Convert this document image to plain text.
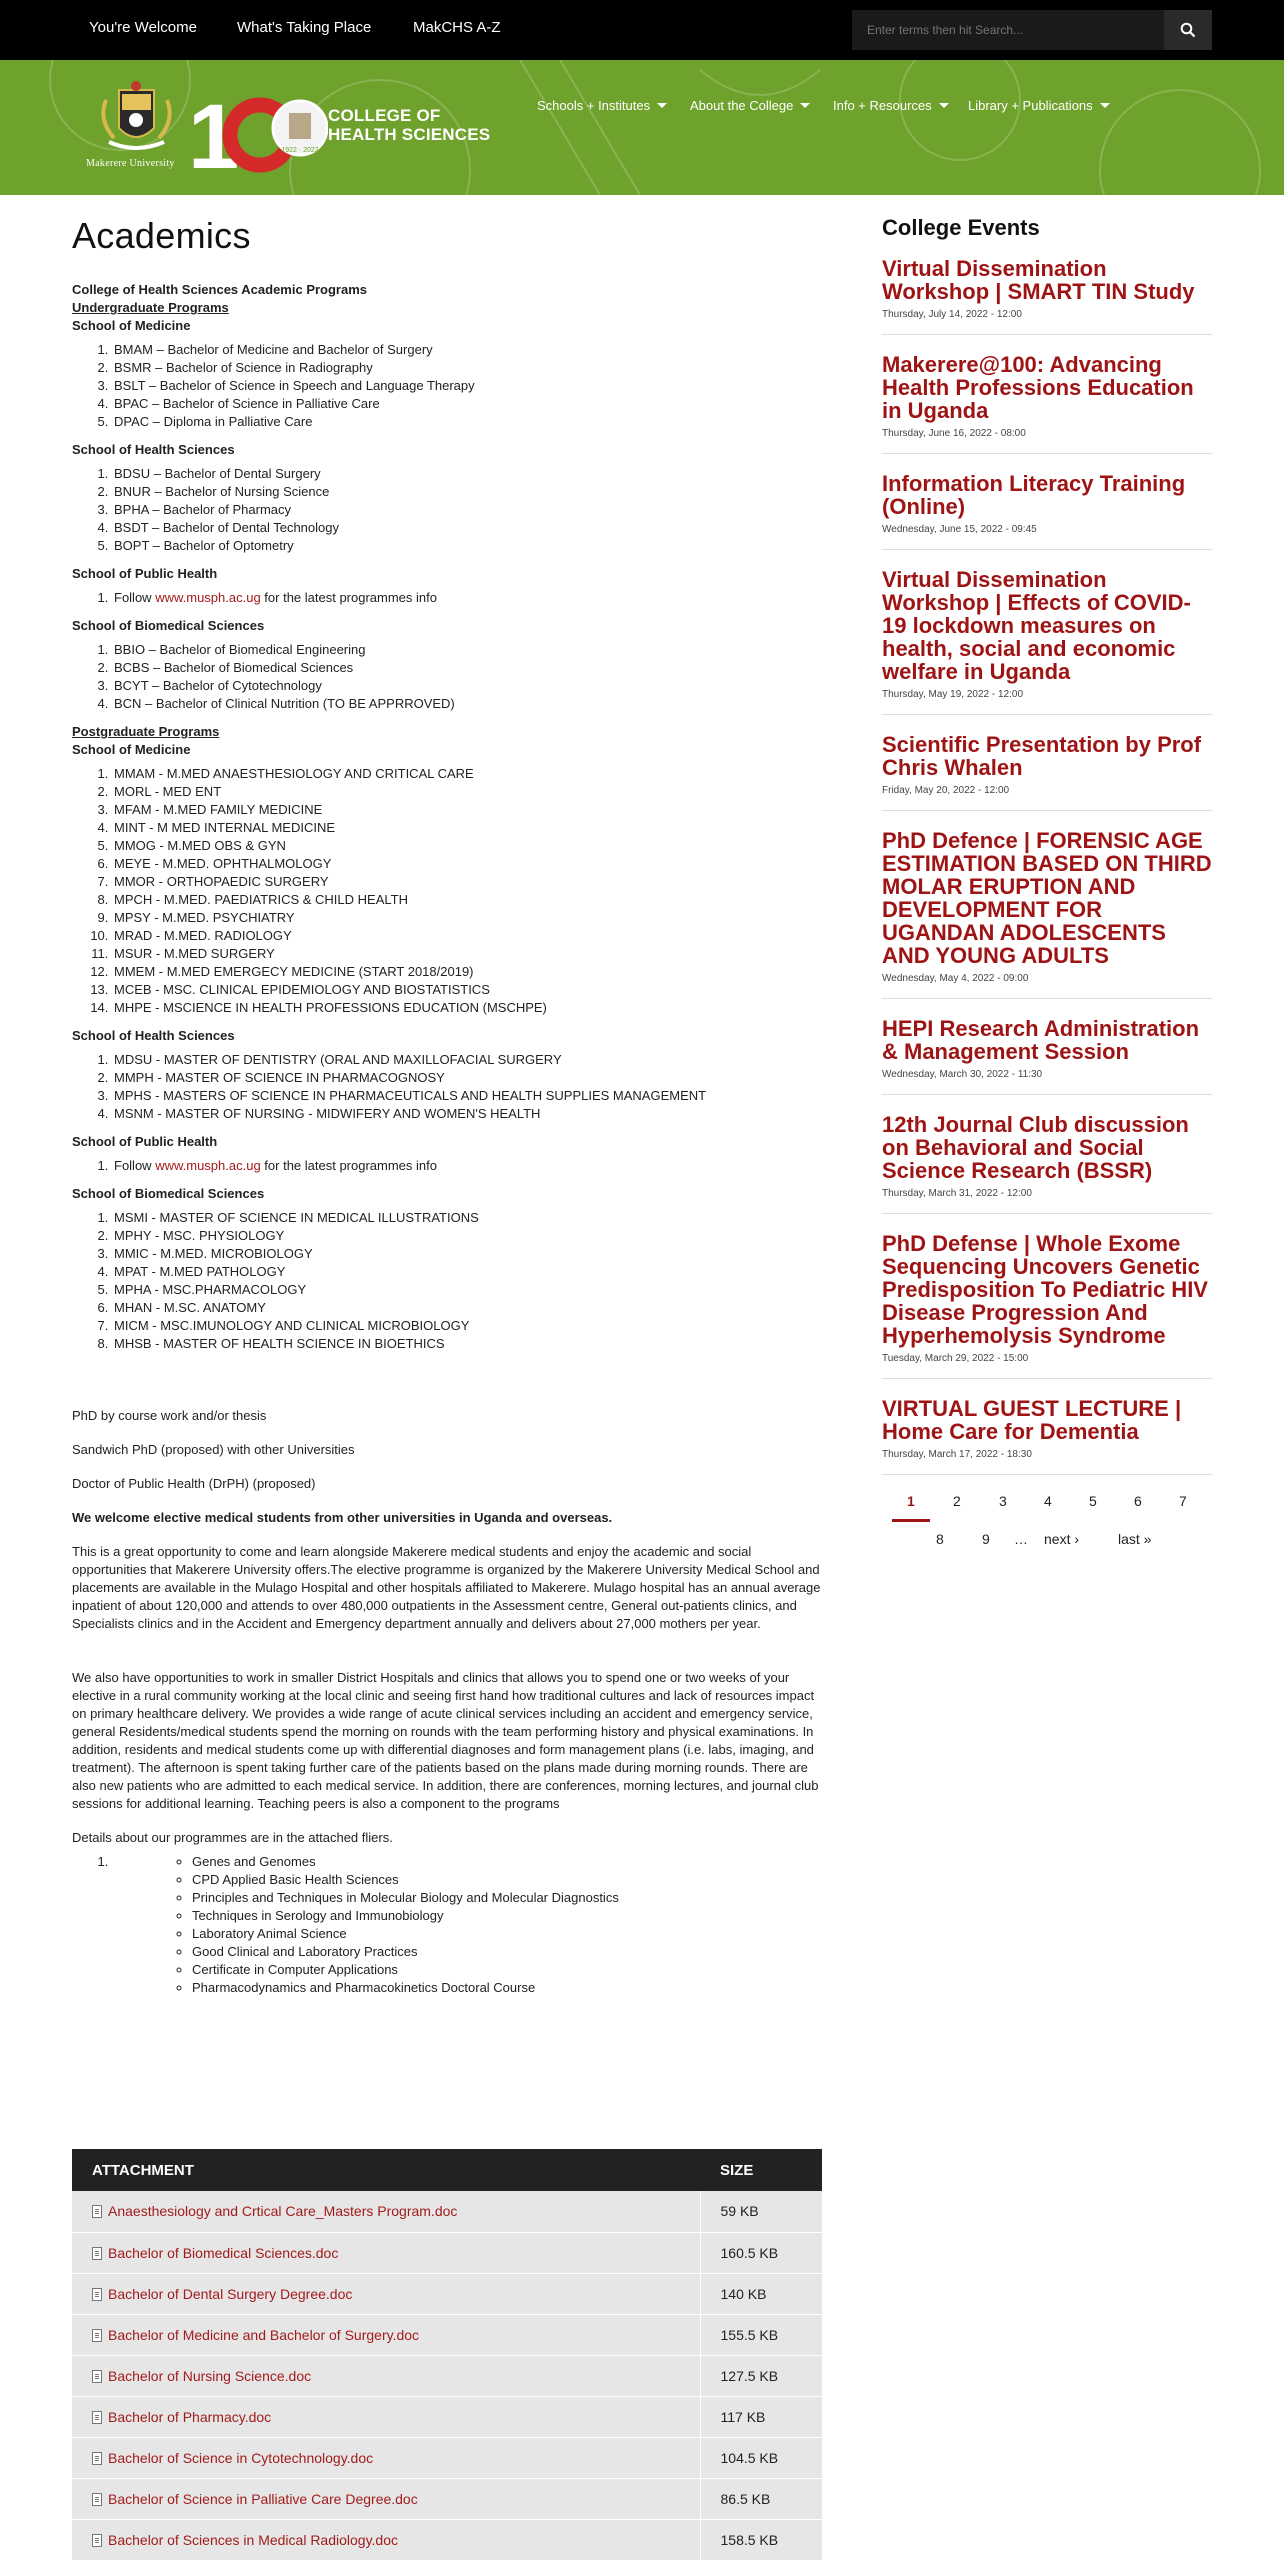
You're Welcome	What's Taking Place	MakCHS A-Z
Enter terms then hit Search...
Makerere University 1	1922 · 2022
COLLEGE OF
HEALTH SCIENCES
Schools + Institutes	About the College	Info + Resources	Library + Publications
Academics
College of Health Sciences Academic Programs
Undergraduate Programs
School of Medicine
1. BMAM – Bachelor of Medicine and Bachelor of Surgery
2. BSMR – Bachelor of Science in Radiography
3. BSLT – Bachelor of Science in Speech and Language Therapy
4. BPAC – Bachelor of Science in Palliative Care
5. DPAC – Diploma in Palliative Care
School of Health Sciences
1. BDSU – Bachelor of Dental Surgery
2. BNUR – Bachelor of Nursing Science
3. BPHA – Bachelor of Pharmacy
4. BSDT – Bachelor of Dental Technology
5. BOPT – Bachelor of Optometry
School of Public Health
1. Follow www.musph.ac.ug for the latest programmes info
School of Biomedical Sciences
1. BBIO – Bachelor of Biomedical Engineering
2. BCBS – Bachelor of Biomedical Sciences
3. BCYT – Bachelor of Cytotechnology
4. BCN – Bachelor of Clinical Nutrition (TO BE APPRROVED)
Postgraduate Programs
School of Medicine
1. MMAM - M.MED ANAESTHESIOLOGY AND CRITICAL CARE
2. MORL - MED ENT
3. MFAM - M.MED FAMILY MEDICINE
4. MINT - M MED INTERNAL MEDICINE
5. MMOG - M.MED OBS & GYN
6. MEYE - M.MED. OPHTHALMOLOGY
7. MMOR - ORTHOPAEDIC SURGERY
8. MPCH - M.MED. PAEDIATRICS & CHILD HEALTH
9. MPSY - M.MED. PSYCHIATRY
10. MRAD - M.MED. RADIOLOGY
11. MSUR - M.MED SURGERY
12. MMEM - M.MED EMERGECY MEDICINE (START 2018/2019)
13. MCEB - MSC. CLINICAL EPIDEMIOLOGY AND BIOSTATISTICS
14. MHPE - MSCIENCE IN HEALTH PROFESSIONS EDUCATION (MSCHPE)
School of Health Sciences
1. MDSU - MASTER OF DENTISTRY (ORAL AND MAXILLOFACIAL SURGERY
2. MMPH - MASTER OF SCIENCE IN PHARMACOGNOSY
3. MPHS - MASTERS OF SCIENCE IN PHARMACEUTICALS AND HEALTH SUPPLIES MANAGEMENT
4. MSNM - MASTER OF NURSING - MIDWIFERY AND WOMEN'S HEALTH
School of Public Health
1. Follow www.musph.ac.ug for the latest programmes info
School of Biomedical Sciences
1. MSMI - MASTER OF SCIENCE IN MEDICAL ILLUSTRATIONS
2. MPHY - MSC. PHYSIOLOGY
3. MMIC - M.MED. MICROBIOLOGY
4. MPAT - M.MED PATHOLOGY
5. MPHA - MSC.PHARMACOLOGY
6. MHAN - M.SC. ANATOMY
7. MICM - MSC.IMUNOLOGY AND CLINICAL MICROBIOLOGY
8. MHSB - MASTER OF HEALTH SCIENCE IN BIOETHICS

PhD by course work and/or thesis

Sandwich PhD (proposed) with other Universities

Doctor of Public Health (DrPH) (proposed)

We welcome elective medical students from other universities in Uganda and overseas.

This is a great opportunity to come and learn alongside Makerere medical students and enjoy the academic and social opportunities that Makerere University offers.The elective programme is organized by the Makerere University Medical School and placements are available in the Mulago Hospital and other hospitals affiliated to Makerere. Mulago hospital has an annual average inpatient of about 120,000 and attends to over 480,000 outpatients in the Assessment centre, General out-patients clinics, and Specialists clinics and in the Accident and Emergency department annually and delivers about 27,000 mothers per year.

We also have opportunities to work in smaller District Hospitals and clinics that allows you to spend one or two weeks of your elective in a rural community working at the local clinic and seeing first hand how traditional cultures and lack of resources impact on primary healthcare delivery. We provides a wide range of acute clinical services including an accident and emergency service, general Residents/medical students spend the morning on rounds with the team performing history and physical examinations. In addition, residents and medical students come up with differential diagnoses and form management plans (i.e. labs, imaging, and treatment). The afternoon is spent taking further care of the patients based on the plans made during morning rounds. There are also new patients who are admitted to each medical service. In addition, there are conferences, morning lectures, and journal club sessions for additional learning. Teaching peers is also a component to the programs

Details about our programmes are in the attached fliers.

◦ 1. Genes and Genomes
◦ CPD Applied Basic Health Sciences
◦ Principles and Techniques in Molecular Biology and Molecular Diagnostics
◦ Techniques in Serology and Immunobiology
◦ Laboratory Animal Science
◦ Good Clinical and Laboratory Practices
◦ Certificate in Computer Applications
◦ Pharmacodynamics and Pharmacokinetics Doctoral Course
ATTACHMENT	SIZE
Anaesthesiology and Crtical Care_Masters Program.doc	59 KB
Bachelor of Biomedical Sciences.doc	160.5 KB
Bachelor of Dental Surgery Degree.doc	140 KB
Bachelor of Medicine and Bachelor of Surgery.doc	155.5 KB
Bachelor of Nursing Science.doc	127.5 KB
Bachelor of Pharmacy.doc	117 KB
Bachelor of Science in Cytotechnology.doc	104.5 KB
Bachelor of Science in Palliative Care Degree.doc	86.5 KB
Bachelor of Sciences in Medical Radiology.doc	158.5 KB
College Events
Virtual Dissemination Workshop | SMART TIN Study
Thursday, July 14, 2022 - 12:00
Makerere@100: Advancing Health Professions Education in Uganda
Thursday, June 16, 2022 - 08:00
Information Literacy Training (Online)
Wednesday, June 15, 2022 - 09:45
Virtual Dissemination Workshop | Effects of COVID-19 lockdown measures on health, social and economic welfare in Uganda
Thursday, May 19, 2022 - 12:00
Scientific Presentation by Prof Chris Whalen
Friday, May 20, 2022 - 12:00
PhD Defence | FORENSIC AGE ESTIMATION BASED ON THIRD MOLAR ERUPTION AND DEVELOPMENT FOR UGANDAN ADOLESCENTS AND YOUNG ADULTS
Wednesday, May 4, 2022 - 09:00
HEPI Research Administration & Management Session
Wednesday, March 30, 2022 - 11:30
12th Journal Club discussion on Behavioral and Social Science Research (BSSR)
Thursday, March 31, 2022 - 12:00
PhD Defense | Whole Exome Sequencing Uncovers Genetic Predisposition To Pediatric HIV Disease Progression And Hyperhemolysis Syndrome
Tuesday, March 29, 2022 - 15:00
VIRTUAL GUEST LECTURE | Home Care for Dementia
Thursday, March 17, 2022 - 18:30
1	2	3	4	5	6	7
8	9 … next ›	last »
